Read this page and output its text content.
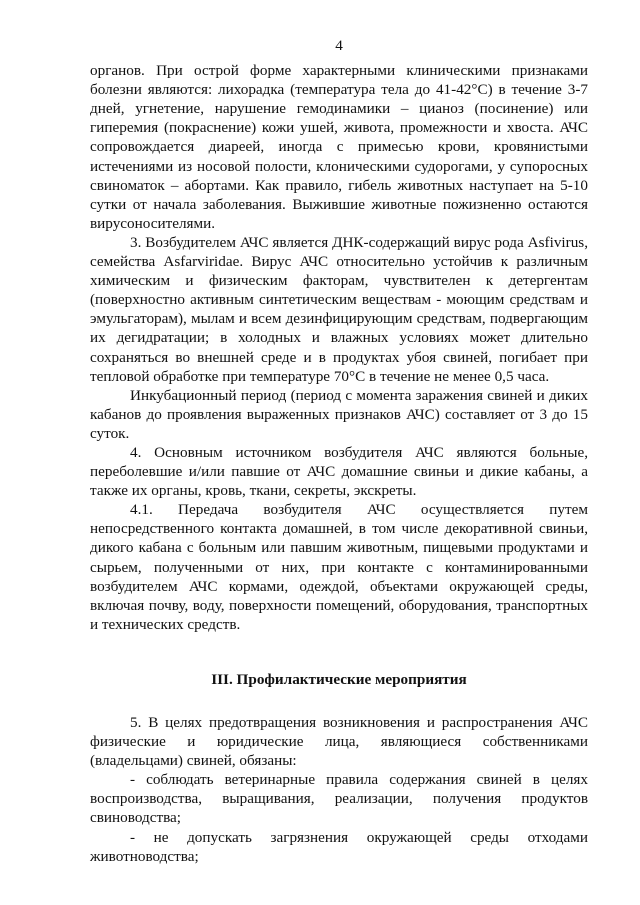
4

органов. При острой форме характерными клиническими признаками болезни являются: лихорадка (температура тела до 41-42°С) в течение 3-7 дней, угнетение, нарушение гемодинамики – цианоз (посинение) или гиперемия (покраснение) кожи ушей, живота, промежности и хвоста. АЧС сопровождается диареей, иногда с примесью крови, кровянистыми истечениями из носовой полости, клоническими судорогами, у супоросных свиноматок – абортами. Как правило, гибель животных наступает на 5-10 сутки от начала заболевания. Выжившие животные пожизненно остаются вирусоносителями.

3. Возбудителем АЧС является ДНК-содержащий вирус рода Asfivirus, семейства Asfarviridae. Вирус АЧС относительно устойчив к различным химическим и физическим факторам, чувствителен к детергентам (поверхностно активным синтетическим веществам - моющим средствам и эмульгаторам), мылам и всем дезинфицирующим средствам, подвергающим их дегидратации; в холодных и влажных условиях может длительно сохраняться во внешней среде и в продуктах убоя свиней, погибает при тепловой обработке при температуре 70°С в течение не менее 0,5 часа.

Инкубационный период (период с момента заражения свиней и диких кабанов до проявления выраженных признаков АЧС) составляет от 3 до 15 суток.

4. Основным источником возбудителя АЧС являются больные, переболевшие и/или павшие от АЧС домашние свиньи и дикие кабаны, а также их органы, кровь, ткани, секреты, экскреты.

4.1. Передача возбудителя АЧС осуществляется путем непосредственного контакта домашней, в том числе декоративной свиньи, дикого кабана с больным или павшим животным, пищевыми продуктами и сырьем, полученными от них, при контакте с контаминированными возбудителем АЧС кормами, одеждой, объектами окружающей среды, включая почву, воду, поверхности помещений, оборудования, транспортных и технических средств.

III. Профилактические мероприятия

5. В целях предотвращения возникновения и распространения АЧС физические и юридические лица, являющиеся собственниками (владельцами) свиней, обязаны:

- соблюдать ветеринарные правила содержания свиней в целях воспроизводства, выращивания, реализации, получения продуктов свиноводства;

- не допускать загрязнения окружающей среды отходами животноводства;
